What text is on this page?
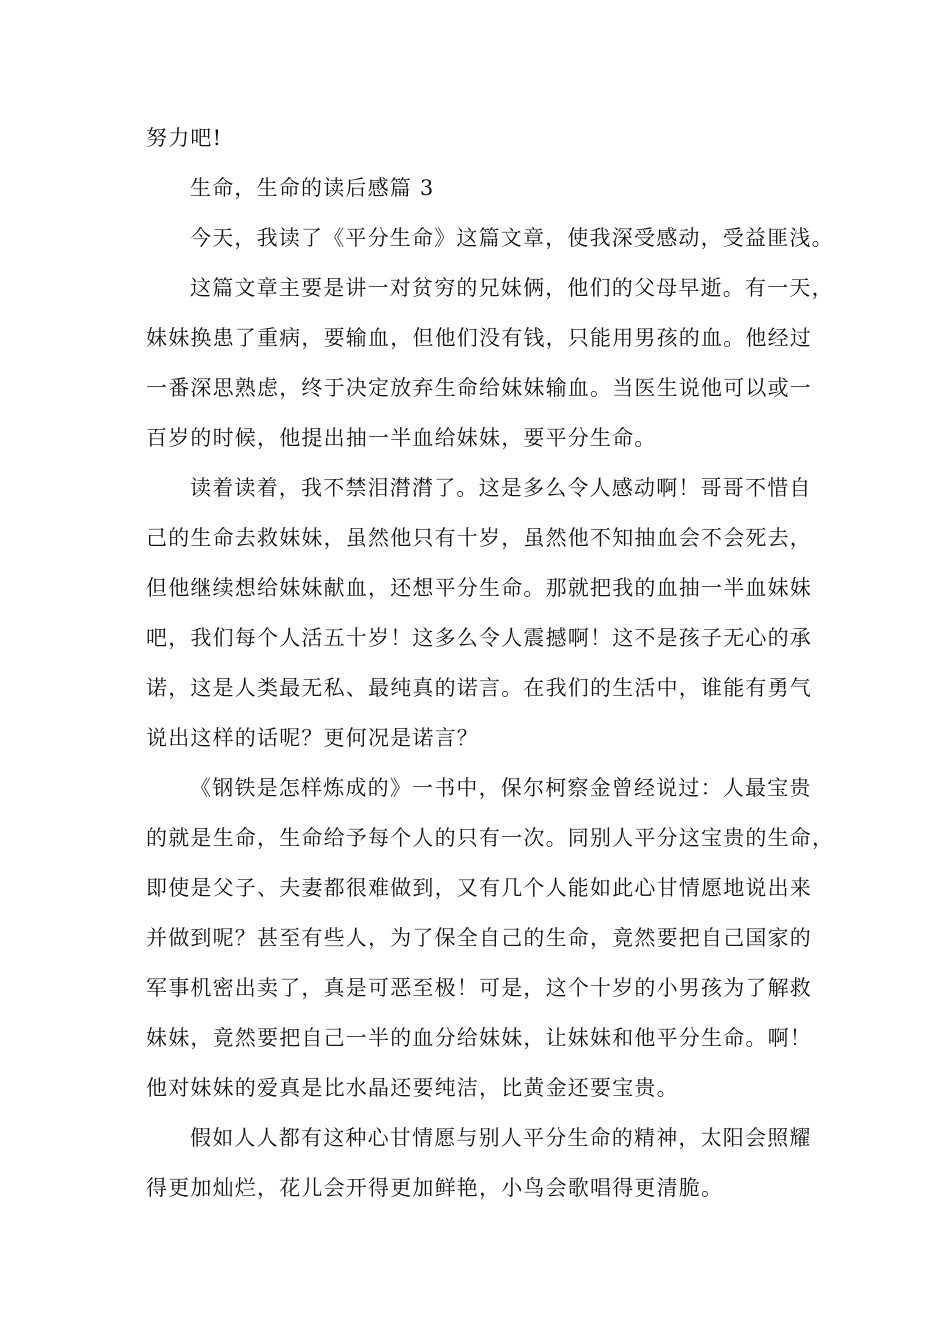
努力吧!
生命，生命的读后感篇 3
今天，我读了《平分生命》这篇文章，使我深受感动，受益匪浅。
这篇文章主要是讲一对贫穷的兄妹俩，他们的父母早逝。有一天，
妹妹换患了重病，要输血，但他们没有钱，只能用男孩的血。他经过
一番深思熟虑，终于决定放弃生命给妹妹输血。当医生说他可以或一
百岁的时候，他提出抽一半血给妹妹，要平分生命。
读着读着，我不禁泪潸潸了。这是多么令人感动啊！哥哥不惜自
己的生命去救妹妹，虽然他只有十岁，虽然他不知抽血会不会死去，
但他继续想给妹妹献血，还想平分生命。那就把我的血抽一半血妹妹
吧，我们每个人活五十岁！这多么令人震撼啊！这不是孩子无心的承
诺，这是人类最无私、最纯真的诺言。在我们的生活中，谁能有勇气
说出这样的话呢？更何况是诺言？
《钢铁是怎样炼成的》一书中，保尔柯察金曾经说过：人最宝贵
的就是生命，生命给予每个人的只有一次。同别人平分这宝贵的生命，
即使是父子、夫妻都很难做到，又有几个人能如此心甘情愿地说出来
并做到呢？甚至有些人，为了保全自己的生命，竟然要把自己国家的
军事机密出卖了，真是可恶至极！可是，这个十岁的小男孩为了解救
妹妹，竟然要把自己一半的血分给妹妹，让妹妹和他平分生命。啊！
他对妹妹的爱真是比水晶还要纯洁，比黄金还要宝贵。
假如人人都有这种心甘情愿与别人平分生命的精神，太阳会照耀
得更加灿烂，花儿会开得更加鲜艳，小鸟会歌唱得更清脆。
